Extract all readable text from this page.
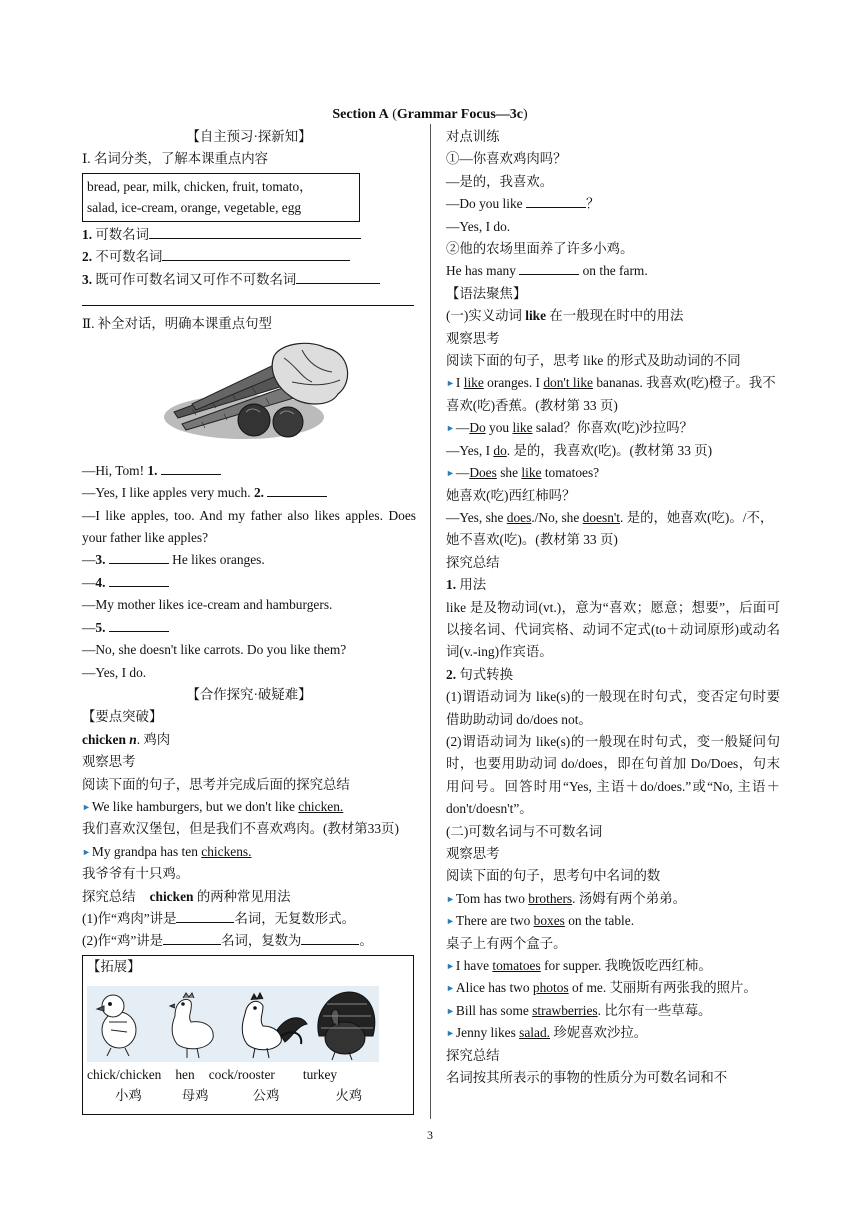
Section A (Grammar Focus—3c)
【自主预习·探新知】
Ⅰ. 名词分类，了解本课重点内容
bread, pear, milk, chicken, fruit, tomato，
salad, ice-cream, orange, vegetable, egg
1. 可数名词
2. 不可数名词
3. 既可作可数名词又可作不可数名词
Ⅱ. 补全对话，明确本课重点句型
—Hi, Tom! 1.
—Yes, I like apples very much. 2.
—I like apples, too. And my father also likes apples. Does your father like apples?
—3.	He likes oranges.
—4.
—My mother likes ice-cream and hamburgers.
—5.
—No, she doesn't like carrots. Do you like them?
—Yes, I do.
【合作探究·破疑难】
【要点突破】
chicken n. 鸡肉
观察思考
阅读下面的句子，思考并完成后面的探究总结
►We like hamburgers, but we don't like chicken.
我们喜欢汉堡包，但是我们不喜欢鸡肉。(教材第33页)
►My grandpa has ten chickens.
我爷爷有十只鸡。
探究总结 chicken 的两种常见用法
(1)作“鸡肉”讲是	名词，无复数形式。
(2)作“鸡”讲是	名词，复数为	。
【拓展】
chick/chicken hen cock/rooster turkey
小鸡	母鸡	公鸡	火鸡
对点训练
①—你喜欢鸡肉吗？
—是的，我喜欢。
—Do you like	？
—Yes, I do.
②他的农场里面养了许多小鸡。
He has many	on the farm.
【语法聚焦】
(一)实义动词 like 在一般现在时中的用法
观察思考
阅读下面的句子，思考 like 的形式及助动词的不同
►I like oranges. I don't like bananas. 我喜欢(吃)橙子。我不喜欢(吃)香蕉。(教材第 33 页)
►—Do you like salad？你喜欢(吃)沙拉吗？
—Yes, I do. 是的，我喜欢(吃)。(教材第 33 页)
►—Does she like tomatoes?
她喜欢(吃)西红柿吗？
—Yes, she does./No, she doesn't. 是的，她喜欢(吃)。/不，她不喜欢(吃)。(教材第 33 页)
探究总结
1. 用法
like 是及物动词(vt.)，意为“喜欢；愿意；想要”，后面可以接名词、代词宾格、动词不定式(to＋动词原形)或动名词(v.-ing)作宾语。
2. 句式转换
(1)谓语动词为 like(s)的一般现在时句式，变否定句时要借助助动词 do/does not。
(2)谓语动词为 like(s)的一般现在时句式，变一般疑问句时，也要用助动词 do/does，即在句首加 Do/Does，句末用问号。回答时用“Yes, 主语＋do/does.”或“No, 主语＋don't/doesn't”。
(二)可数名词与不可数名词
观察思考
阅读下面的句子，思考句中名词的数
►Tom has two brothers. 汤姆有两个弟弟。
►There are two boxes on the table.
桌子上有两个盒子。
►I have tomatoes for supper. 我晚饭吃西红柿。
►Alice has two photos of me. 艾丽斯有两张我的照片。
►Bill has some strawberries. 比尔有一些草莓。
►Jenny likes salad. 珍妮喜欢沙拉。
探究总结
名词按其所表示的事物的性质分为可数名词和不
3
